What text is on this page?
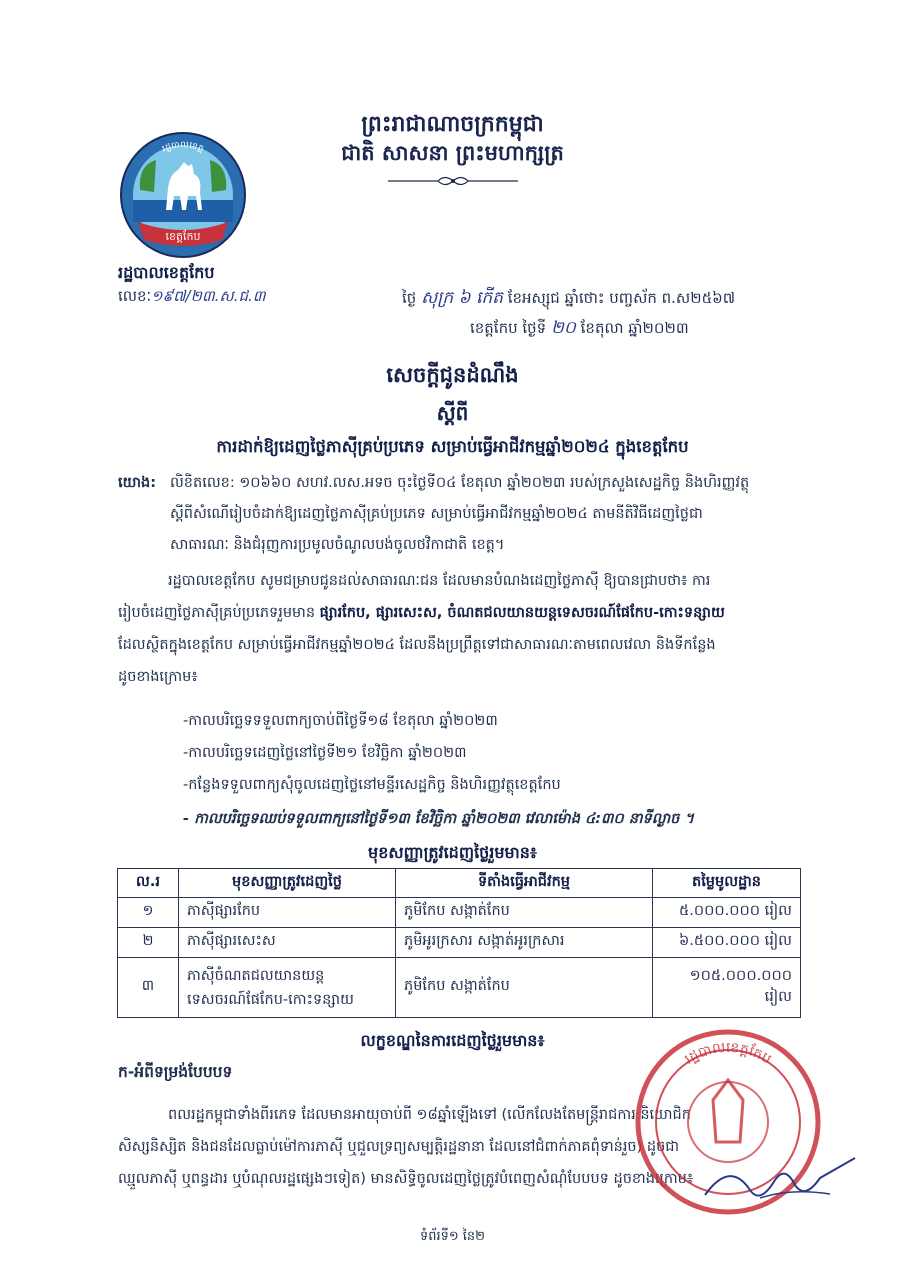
ព្រះរាជាណាចក្រកម្ពុជា
ជាតិ សាសនា ព្រះមហាក្សត្រ
ខេត្តកែប
រដ្ឋបាលខេត្ត
រដ្ឋបាលខេត្តកែប
លេខៈ១៩៧/២៣.ស.ជ.៣	ថ្ងៃ សុក្រ ៦ កើត ខែអស្សុជ ឆ្នាំថោះ បញ្ចស័ក ព.ស២៥៦៧
ខេត្តកែប ថ្ងៃទី ២០ ខែតុលា ឆ្នាំ២០២៣
សេចក្តីជូនដំណឹង
ស្តីពី
ការដាក់ឱ្យដេញថ្លៃភាស៊ីគ្រប់ប្រភេទ សម្រាប់ធ្វើអាជីវកម្មឆ្នាំ២០២៤ ក្នុងខេត្តកែប
យោង: លិខិតលេខ: ១០៦៦០ សហវ.លស.អទច ចុះថ្ងៃទី០៤ ខែតុលា ឆ្នាំ២០២៣ របស់ក្រសួងសេដ្ឋកិច្ច និងហិរញ្ញវត្ថុ
ស្តីពីសំណើរៀបចំដាក់ឱ្យដេញថ្លៃភាស៊ីគ្រប់ប្រភេទ សម្រាប់ធ្វើអាជីវកម្មឆ្នាំ២០២៤ តាមនីតិវិធីដេញថ្លៃជា
សាធារណៈ និងជំរុញការប្រមូលចំណូលបង់ចូលថវិកាជាតិ ខេត្ត។
រដ្ឋបាលខេត្តកែប សូមជម្រាបជូនដល់សាធារណៈជន ដែលមានបំណងដេញថ្លៃភាស៊ី ឱ្យបានជ្រាបថា៖ ការ
រៀបចំដេញថ្លៃភាស៊ីគ្រប់ប្រភេទរួមមាន ផ្សារកែប, ផ្សារសេះស, ចំណតជលយានយន្តទេសចរណ៍ផែកែប-កោះទន្សាយ
ដែលស្ថិតក្នុងខេត្តកែប សម្រាប់ធ្វើអាជីវកម្មឆ្នាំ២០២៤ ដែលនឹងប្រព្រឹត្តទៅជាសាធារណៈតាមពេលវេលា និងទីកន្លែង
ដូចខាងក្រោម៖
-កាលបរិច្ឆេទទទួលពាក្យចាប់ពីថ្ងៃទី១៨ ខែតុលា ឆ្នាំ២០២៣
-កាលបរិច្ឆេទដេញថ្លៃនៅថ្ងៃទី២១ ខែវិច្ឆិកា ឆ្នាំ២០២៣
-កន្លែងទទួលពាក្យសុំចូលដេញថ្លៃនៅមន្ទីរសេដ្ឋកិច្ច និងហិរញ្ញវត្ថុខេត្តកែប
- កាលបរិច្ឆេទឈប់ទទួលពាក្យនៅថ្ងៃទី១៣ ខែវិច្ឆិកា ឆ្នាំ២០២៣ វេលាម៉ោង ៤:៣០ នាទីល្ងាច ។
មុខសញ្ញាត្រូវដេញថ្លៃរួមមាន៖
ល.រ	មុខសញ្ញាត្រូវដេញថ្លៃ	ទីតាំងធ្វើអាជីវកម្ម	តម្លៃមូលដ្ឋាន
១	ភាស៊ីផ្សារកែប	ភូមិកែប សង្កាត់កែប	៥.០០០.០០០ រៀល
២	ភាស៊ីផ្សារសេះស	ភូមិអូរក្រសារ សង្កាត់អូរក្រសារ	៦.៥០០.០០០ រៀល
៣	ភាស៊ីចំណតជលយានយន្ត ទេសចរណ៍ផែកែប-កោះទន្សាយ	ភូមិកែប សង្កាត់កែប	១០៥.០០០.០០០ រៀល
លក្ខខណ្ឌនៃការដេញថ្លៃរួមមាន៖
ក-អំពីទម្រង់បែបបទ
ពលរដ្ឋកម្ពុជាទាំងពីរភេទ ដែលមានអាយុចាប់ពី ១៨ឆ្នាំឡើងទៅ (លើកលែងតែមន្ត្រីរាជការ និយោជិក
សិស្សនិស្សិត និងជនដែលធ្លាប់ម៉ៅការភាស៊ី ឬជួលទ្រព្យសម្បត្តិរដ្ឋនានា ដែលនៅជំពាក់ភាគពុំទាន់រួច) ដូចជា
ឈ្មួលភាស៊ី ឬពន្ធដារ ឬបំណុលរដ្ឋផ្សេងៗទៀត) មានសិទ្ធិចូលដេញថ្លៃត្រូវបំពេញសំណុំបែបបទ ដូចខាងក្រោម៖
រដ្ឋបាលខេត្តកែប
ទំព័រទី១ នៃ២
